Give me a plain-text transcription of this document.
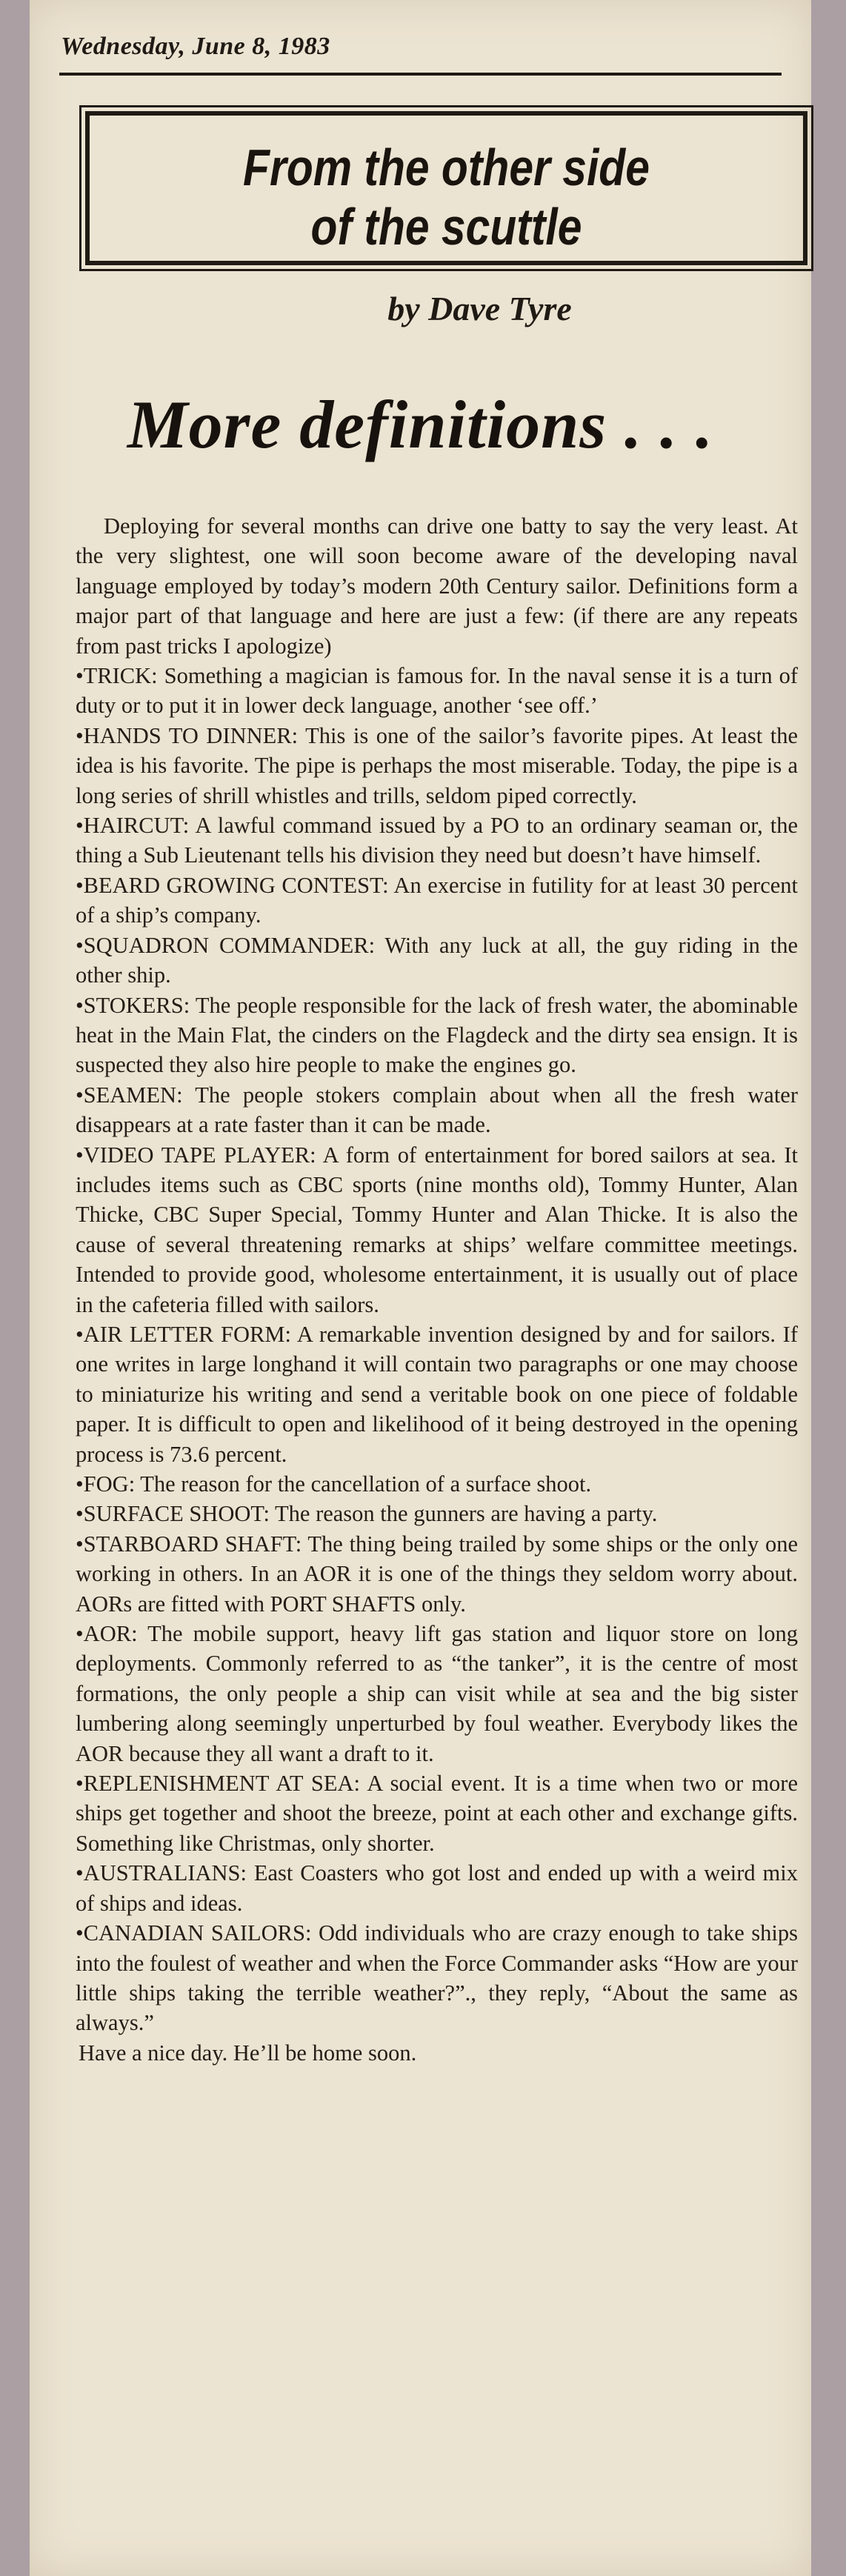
Wednesday, June 8, 1983
From the other side
of the scuttle
by Dave Tyre
More definitions . . .

Deploying for several months can drive one batty to say the very least. At the very slightest, one will soon become aware of the developing naval language employed by today’s modern 20th Century sailor. Definitions form a major part of that language and here are just a few: (if there are any repeats from past tricks I apologize)

•TRICK: Something a magician is famous for. In the naval sense it is a turn of duty or to put it in lower deck language, another ‘see off.’

•HANDS TO DINNER: This is one of the sailor’s favorite pipes. At least the idea is his favorite. The pipe is perhaps the most miserable. Today, the pipe is a long series of shrill whistles and trills, seldom piped correctly.

•HAIRCUT: A lawful command issued by a PO to an ordinary seaman or, the thing a Sub Lieutenant tells his division they need but doesn’t have himself.

•BEARD GROWING CONTEST: An exercise in futility for at least 30 percent of a ship’s company.

•SQUADRON COMMANDER: With any luck at all, the guy riding in the other ship.

•STOKERS: The people responsible for the lack of fresh water, the abominable heat in the Main Flat, the cinders on the Flagdeck and the dirty sea ensign. It is suspected they also hire people to make the engines go.

•SEAMEN: The people stokers complain about when all the fresh water disappears at a rate faster than it can be made.

•VIDEO TAPE PLAYER: A form of entertainment for bored sailors at sea. It includes items such as CBC sports (nine months old), Tommy Hunter, Alan Thicke, CBC Super Special, Tommy Hunter and Alan Thicke. It is also the cause of several threatening remarks at ships’ welfare committee meetings. Intended to provide good, wholesome entertainment, it is usually out of place in the cafeteria filled with sailors.

•AIR LETTER FORM: A remarkable invention designed by and for sailors. If one writes in large longhand it will contain two paragraphs or one may choose to miniaturize his writing and send a veritable book on one piece of foldable paper. It is difficult to open and likelihood of it being destroyed in the opening process is 73.6 percent.

•FOG: The reason for the cancellation of a surface shoot.

•SURFACE SHOOT: The reason the gunners are having a party.

•STARBOARD SHAFT: The thing being trailed by some ships or the only one working in others. In an AOR it is one of the things they seldom worry about. AORs are fitted with PORT SHAFTS only.

•AOR: The mobile support, heavy lift gas station and liquor store on long deployments. Commonly referred to as “the tanker”, it is the centre of most formations, the only people a ship can visit while at sea and the big sister lumbering along seemingly unperturbed by foul weather. Everybody likes the AOR because they all want a draft to it.

•REPLENISHMENT AT SEA: A social event. It is a time when two or more ships get together and shoot the breeze, point at each other and exchange gifts. Something like Christmas, only shorter.

•AUSTRALIANS: East Coasters who got lost and ended up with a weird mix of ships and ideas.

•CANADIAN SAILORS: Odd individuals who are crazy enough to take ships into the foulest of weather and when the Force Commander asks “How are your little ships taking the terrible weather?”., they reply, “About the same as always.”

Have a nice day. He’ll be home soon.
